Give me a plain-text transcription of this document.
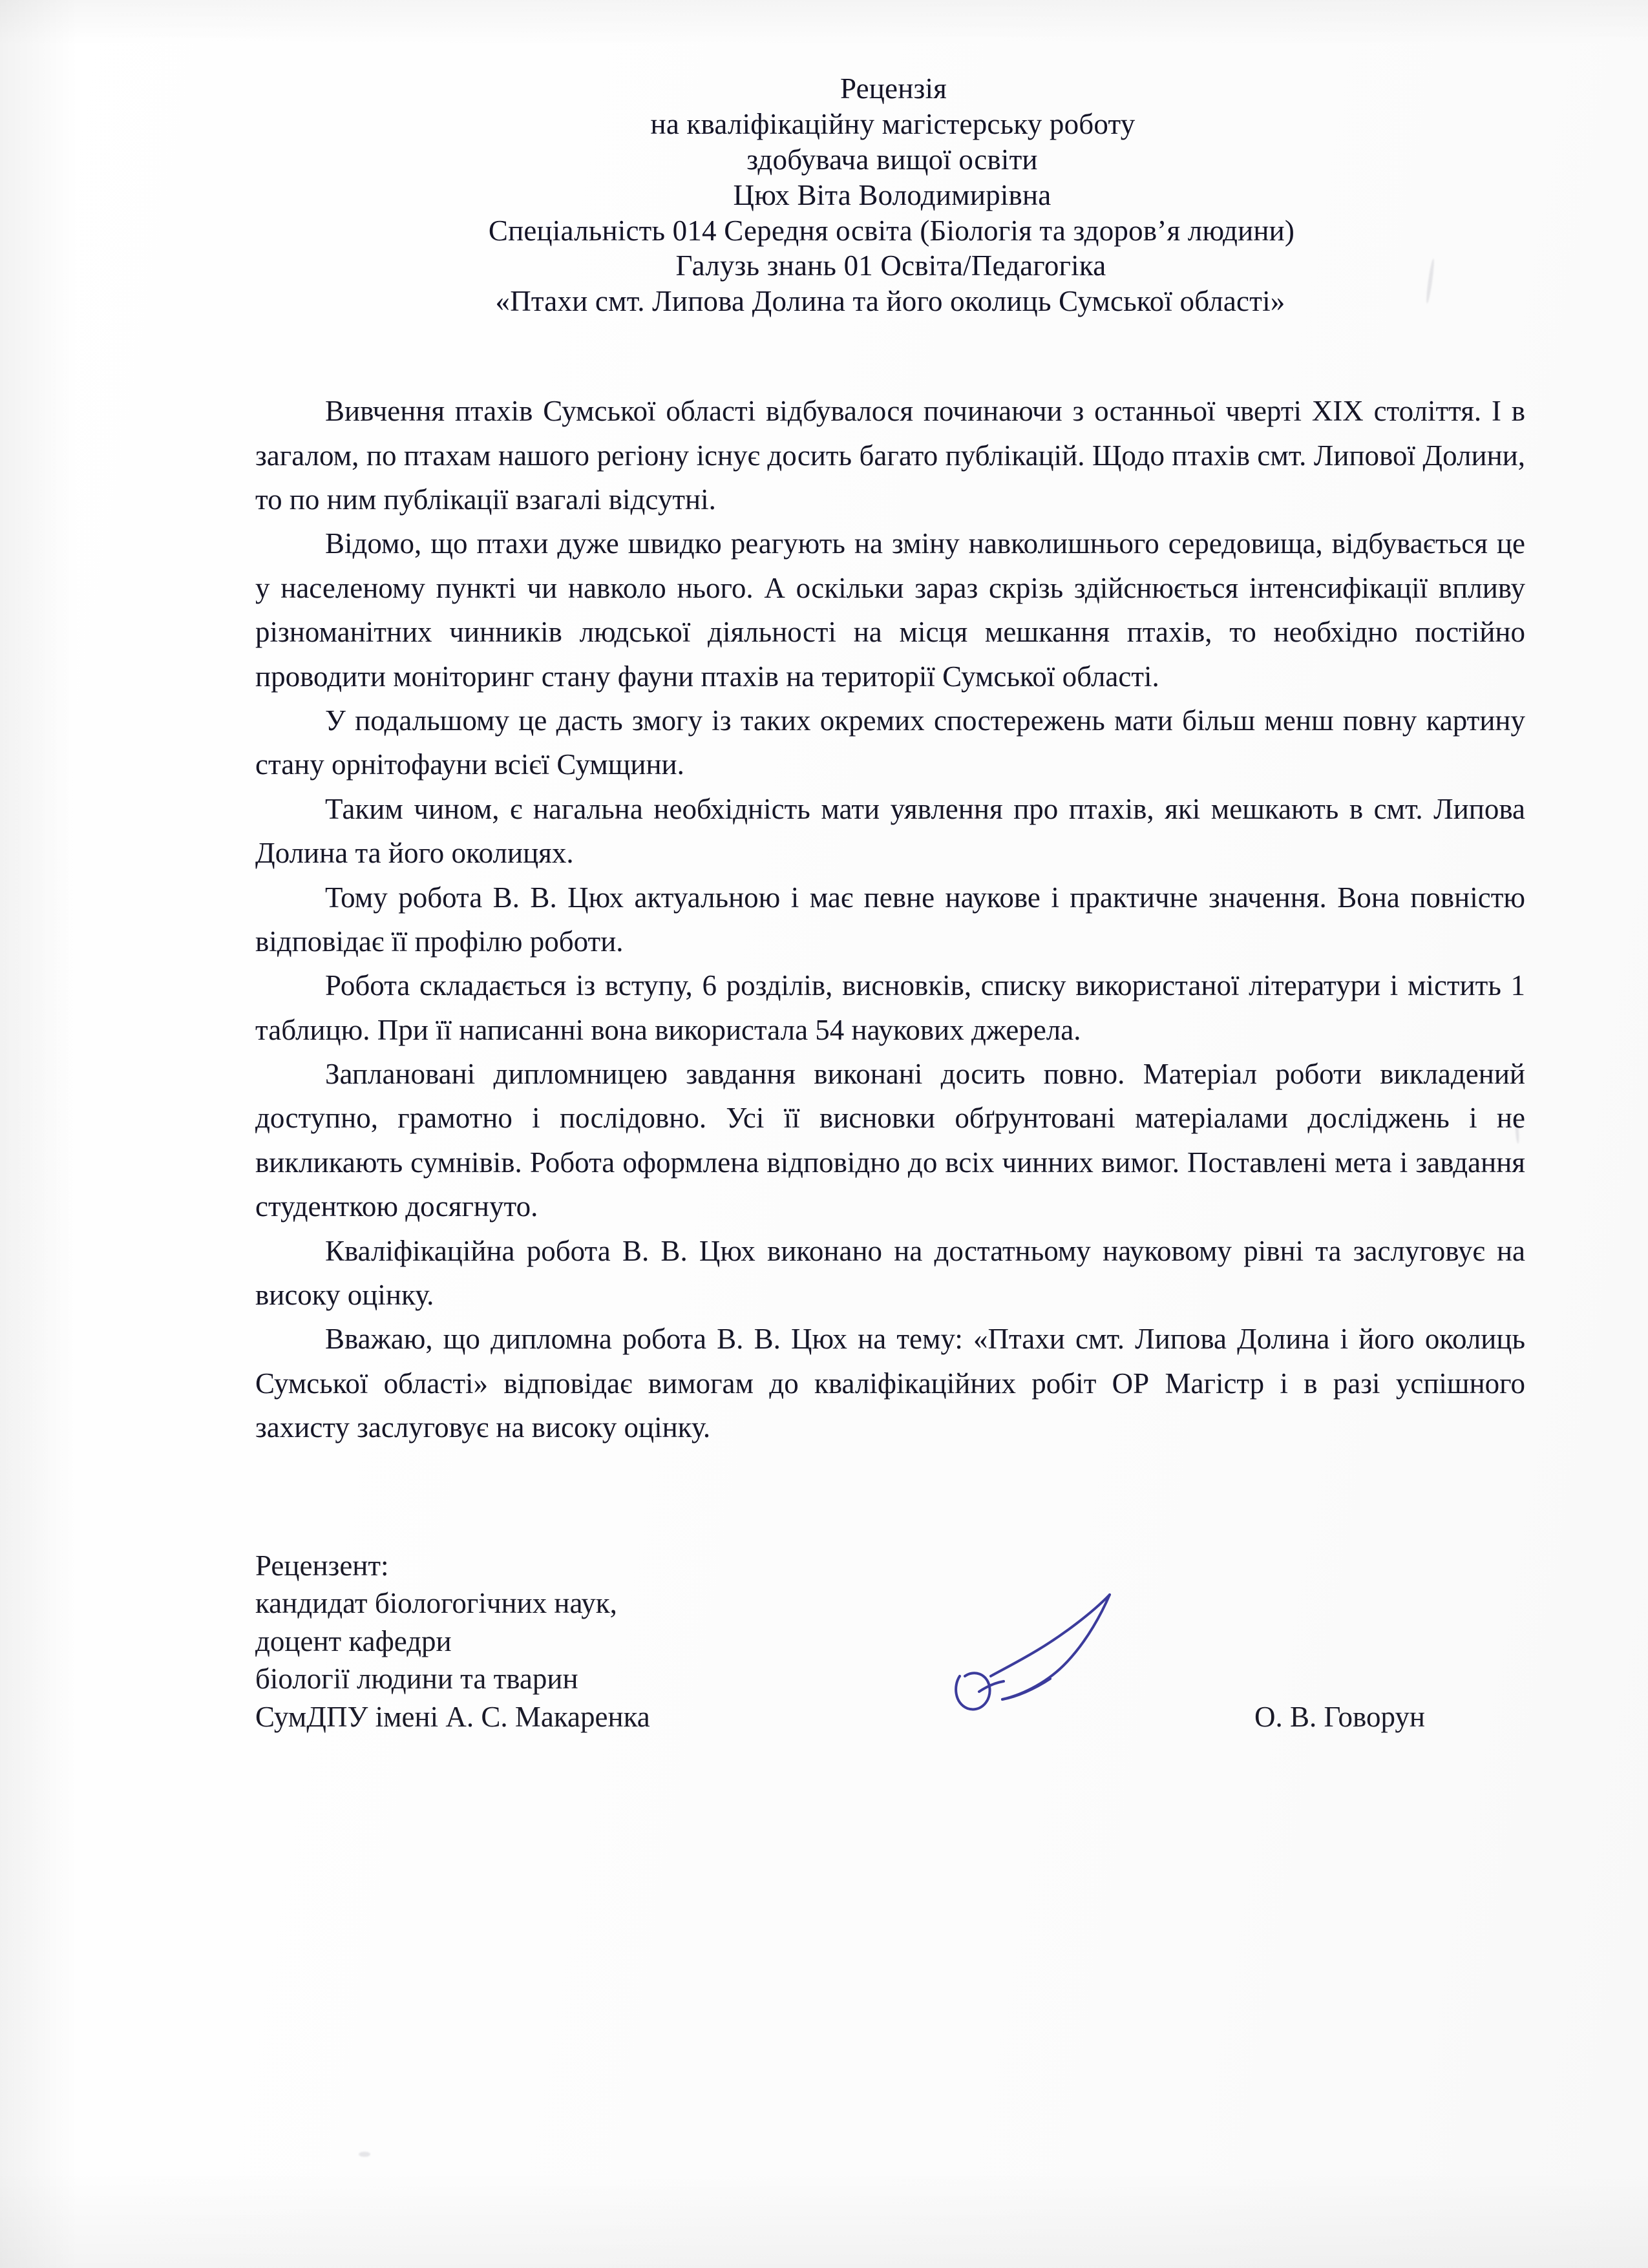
Рецензія
на кваліфікаційну магістерську роботу
здобувача вищої освіти
Цюх Віта Володимирівна
Спеціальність 014 Середня освіта (Біологія та здоров’я людини)
Галузь знань 01 Освіта/Педагогіка
«Птахи смт. Липова Долина та його околиць Сумської області»

Вивчення птахів Сумської області відбувалося починаючи з останньої чверті XIX століття. І в загалом, по птахам нашого регіону існує досить багато публікацій. Щодо птахів смт. Липової Долини, то по ним публікації взагалі відсутні.

Відомо, що птахи дуже швидко реагують на зміну навколишнього середовища, відбувається це у населеному пункті чи навколо нього. А оскільки зараз скрізь здійснюється інтенсифікації впливу різноманітних чинників людської діяльності на місця мешкання птахів, то необхідно постійно проводити моніторинг стану фауни птахів на території Сумської області.

У подальшому це дасть змогу із таких окремих спостережень мати більш менш повну картину стану орнітофауни всієї Сумщини.

Таким чином, є нагальна необхідність мати уявлення про птахів, які мешкають в смт. Липова Долина та його околицях.

Тому робота В. В. Цюх актуальною і має певне наукове і практичне значення. Вона повністю відповідає її профілю роботи.

Робота складається із вступу, 6 розділів, висновків, списку використаної літератури і містить 1 таблицю. При її написанні вона використала 54 наукових джерела.

Заплановані дипломницею завдання виконані досить повно. Матеріал роботи викладений доступно, грамотно і послідовно. Усі її висновки обґрунтовані матеріалами досліджень і не викликають сумнівів. Робота оформлена відповідно до всіх чинних вимог. Поставлені мета і завдання студенткою досягнуто.

Кваліфікаційна робота В. В. Цюх виконано на достатньому науковому рівні та заслуговує на високу оцінку.

Вважаю, що дипломна робота В. В. Цюх на тему: «Птахи смт. Липова Долина і його околиць Сумської області» відповідає вимогам до кваліфікаційних робіт ОР Магістр і в разі успішного захисту заслуговує на високу оцінку.

Рецензент:
кандидат біологогічних наук,
доцент кафедри
біології людини та тварин
СумДПУ імені А. С. Макаренка	О. В. Говорун
